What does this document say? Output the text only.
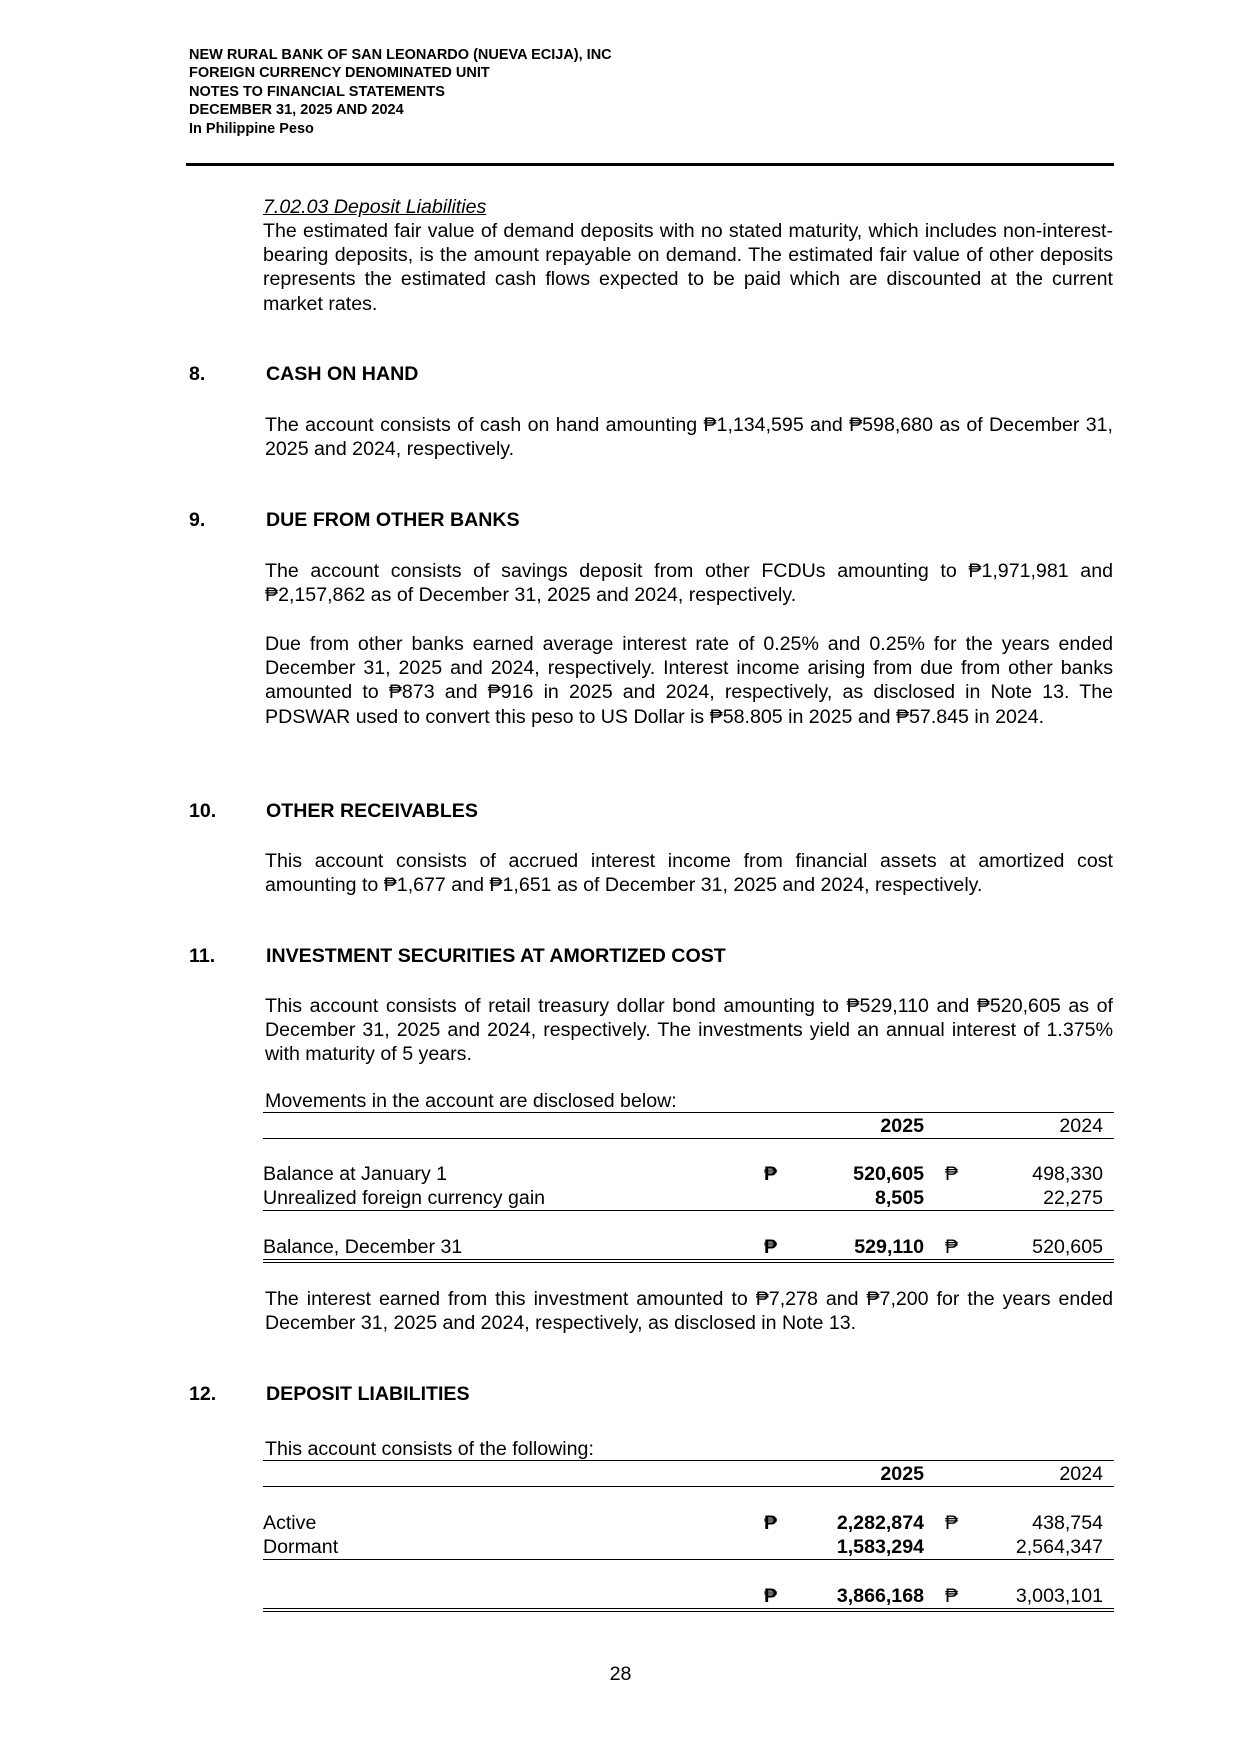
NEW RURAL BANK OF SAN LEONARDO (NUEVA ECIJA), INC
FOREIGN CURRENCY DENOMINATED UNIT
NOTES TO FINANCIAL STATEMENTS
DECEMBER 31, 2025 AND 2024
In Philippine Peso
7.02.03 Deposit Liabilities
The estimated fair value of demand deposits with no stated maturity, which includes non-interest-bearing deposits, is the amount repayable on demand. The estimated fair value of other deposits represents the estimated cash flows expected to be paid which are discounted at the current market rates.
8.	CASH ON HAND
The account consists of cash on hand amounting ₱1,134,595 and ₱598,680 as of December 31, 2025 and 2024, respectively.
9.	DUE FROM OTHER BANKS
The account consists of savings deposit from other FCDUs amounting to ₱1,971,981 and ₱2,157,862 as of December 31, 2025 and 2024, respectively.
Due from other banks earned average interest rate of 0.25% and 0.25% for the years ended December 31, 2025 and 2024, respectively. Interest income arising from due from other banks amounted to ₱873 and ₱916 in 2025 and 2024, respectively, as disclosed in Note 13. The PDSWAR used to convert this peso to US Dollar is ₱58.805 in 2025 and ₱57.845 in 2024.
10.	OTHER RECEIVABLES
This account consists of accrued interest income from financial assets at amortized cost amounting to ₱1,677 and ₱1,651 as of December 31, 2025 and 2024, respectively.
11.	INVESTMENT SECURITIES AT AMORTIZED COST
This account consists of retail treasury dollar bond amounting to ₱529,110 and ₱520,605 as of December 31, 2025 and 2024, respectively. The investments yield an annual interest of 1.375% with maturity of 5 years.
Movements in the account are disclosed below:
2025	2024
Balance at January 1	₱	520,605 ₱	498,330
Unrealized foreign currency gain	8,505	22,275
Balance, December 31	₱	529,110 ₱	520,605
The interest earned from this investment amounted to ₱7,278 and ₱7,200 for the years ended December 31, 2025 and 2024, respectively, as disclosed in Note 13.
12.	DEPOSIT LIABILITIES
This account consists of the following:
2025	2024
Active	₱	2,282,874 ₱	438,754
Dormant	1,583,294	2,564,347
₱	3,866,168 ₱	3,003,101
28
